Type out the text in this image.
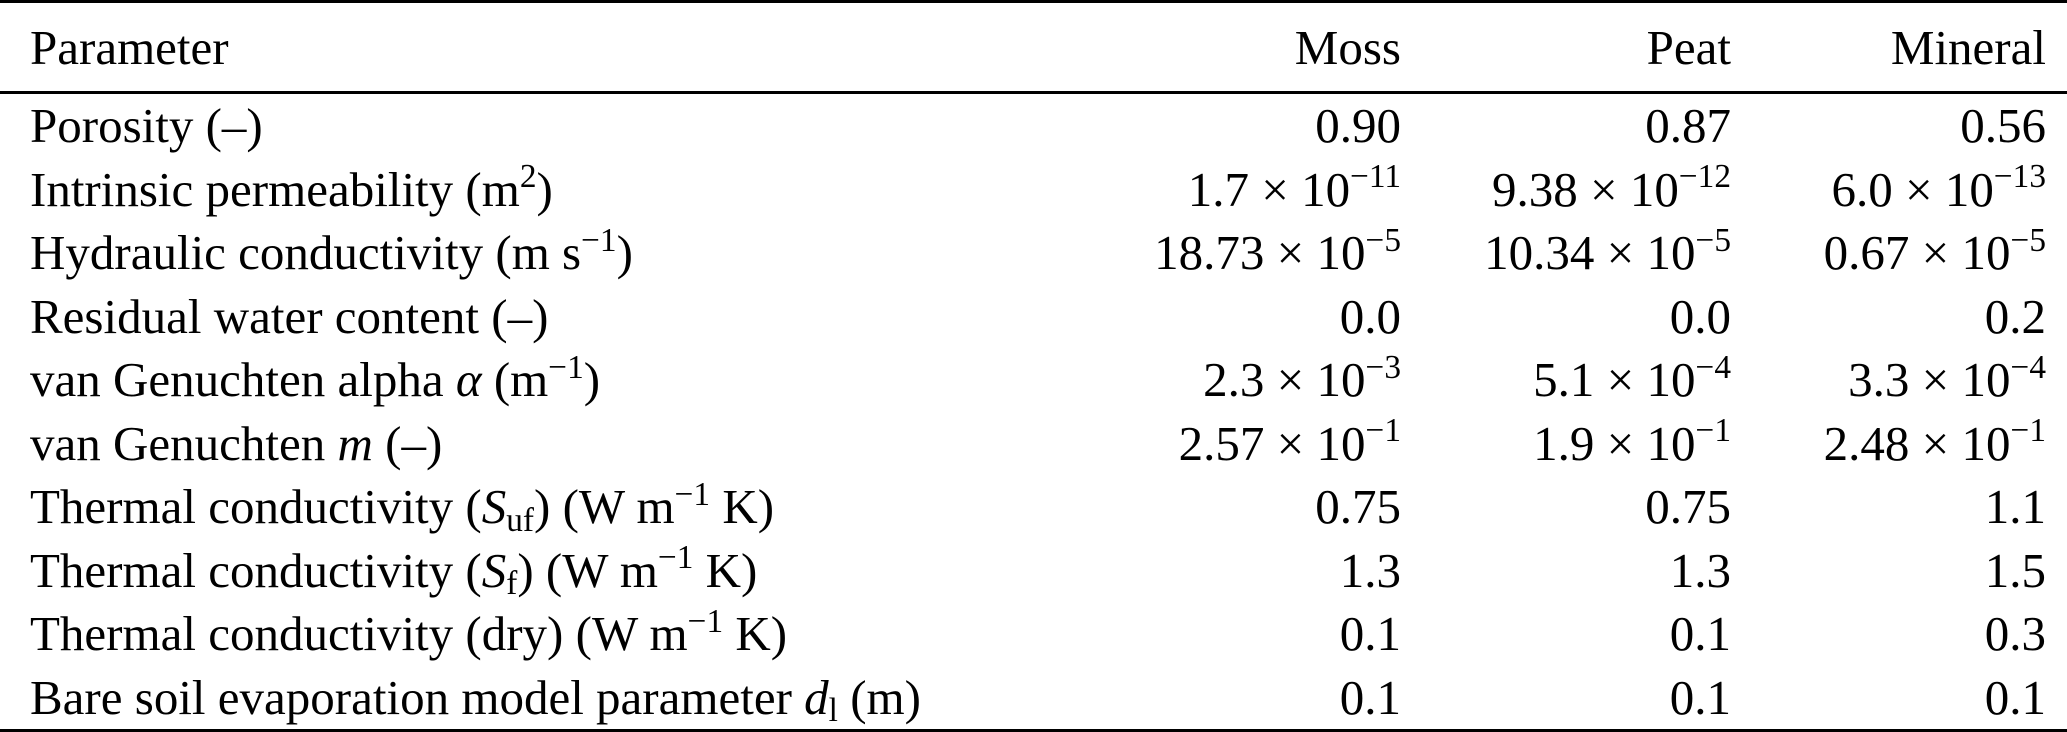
Parameter	Moss	Peat	Mineral
Porosity (–)	0.90	0.87	0.56
Intrinsic permeability $(m^2)$	$1.7 \times 10^{-11}$	$9.38 \times 10^{-12}$	$6.0 \times 10^{-13}$
Hydraulic conductivity (m $s^{-1}$)	$18.73 \times 10^{-5}$	$10.34 \times 10^{-5}$	$0.67 \times 10^{-5}$
Residual water content (–)	0.0	0.0	0.2
van Genuchten alpha α $(m^{-1})$	$2.3 \times 10^{-3}$	$5.1 \times 10^{-4}$	$3.3 \times 10^{-4}$
van Genuchten m (–)	$2.57 \times 10^{-1}$	$1.9 \times 10^{-1}$	$2.48 \times 10^{-1}$
Thermal conductivity $(S_{uf})$ (W $m^{-1}$ K)	0.75	0.75	1.1
Thermal conductivity $(S_f)$ (W $m^{-1}$ K)	1.3	1.3	1.5
Thermal conductivity (dry) (W $m^{-1}$ K)	0.1	0.1	0.3
Bare soil evaporation model parameter $d_l$ (m)	0.1	0.1	0.1
